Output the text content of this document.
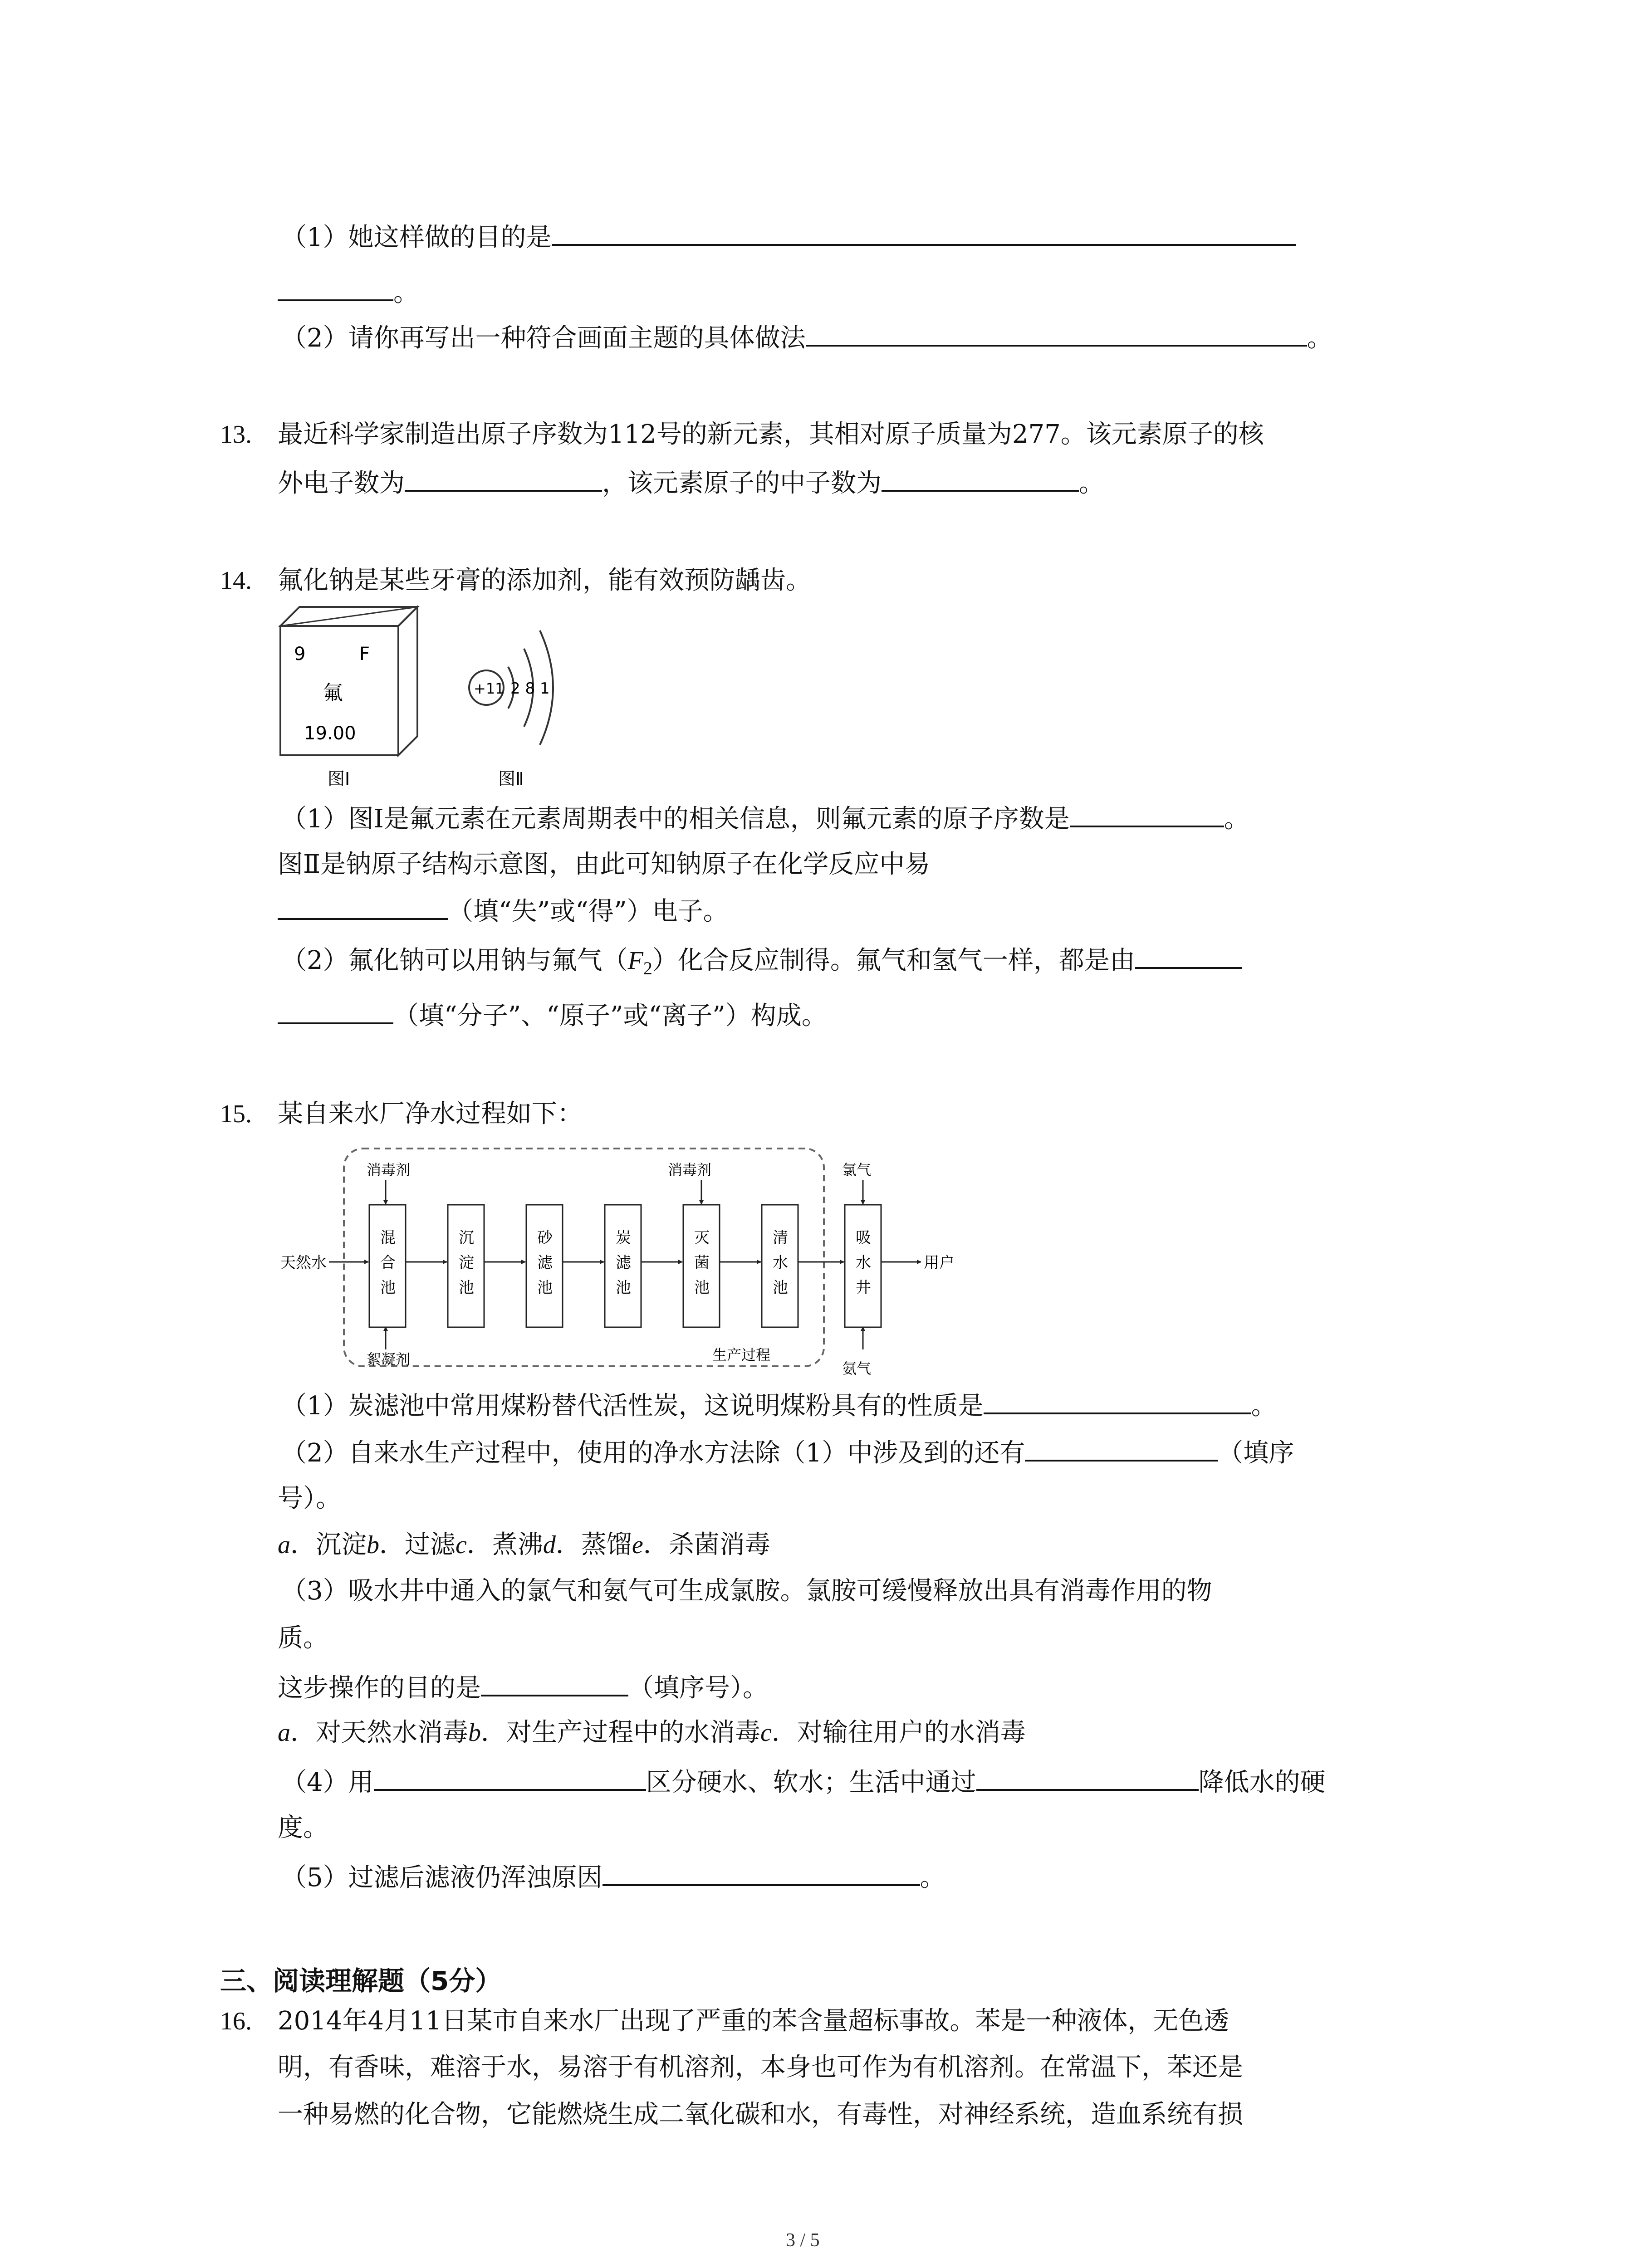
（1）她这样做的目的是
。
（2）请你再写出一种符合画面主题的具体做法	。
13. 最近科学家制造出原子序数为112号的新元素，其相对原子质量为277。该元素原子的核
外电子数为	，该元素原子的中子数为	。
14. 氟化钠是某些牙膏的添加剂，能有效预防龋齿。
9	F
氟
19.00
图Ⅰ
+11 2 8 1
图Ⅱ
（1）图Ⅰ是氟元素在元素周期表中的相关信息，则氟元素的原子序数是	。
图Ⅱ是钠原子结构示意图，由此可知钠原子在化学反应中易
（填“失”或“得”）电子。
（2）氟化钠可以用钠与氟气$(F_2)$化合反应制得。氟气和氢气一样，都是由
（填“分子”、“原子”或“离子”）构成。
15. 某自来水厂净水过程如下：
天然水
消毒剂
絮凝剂
混
合
池
沉
淀
池
砂
滤
池
炭
滤
池
消毒剂
灭
菌
池
清
水
池
氯气
吸
水
井
氨气
用户
生产过程
（1）炭滤池中常用煤粉替代活性炭，这说明煤粉具有的性质是	。
（2）自来水生产过程中，使用的净水方法除（1）中涉及到的还有	（填序
号）。
a．沉淀b．过滤c．煮沸d．蒸馏e．杀菌消毒
（3）吸水井中通入的氯气和氨气可生成氯胺。氯胺可缓慢释放出具有消毒作用的物
质。
这步操作的目的是	（填序号）。
a．对天然水消毒b．对生产过程中的水消毒c．对输往用户的水消毒
（4）用	区分硬水、软水；生活中通过	降低水的硬
度。
（5）过滤后滤液仍浑浊原因	。
三、阅读理解题（5分）
16. 2014年4月11日某市自来水厂出现了严重的苯含量超标事故。苯是一种液体，无色透
明，有香味，难溶于水，易溶于有机溶剂，本身也可作为有机溶剂。在常温下，苯还是
一种易燃的化合物，它能燃烧生成二氧化碳和水，有毒性，对神经系统，造血系统有损
3 / 5
